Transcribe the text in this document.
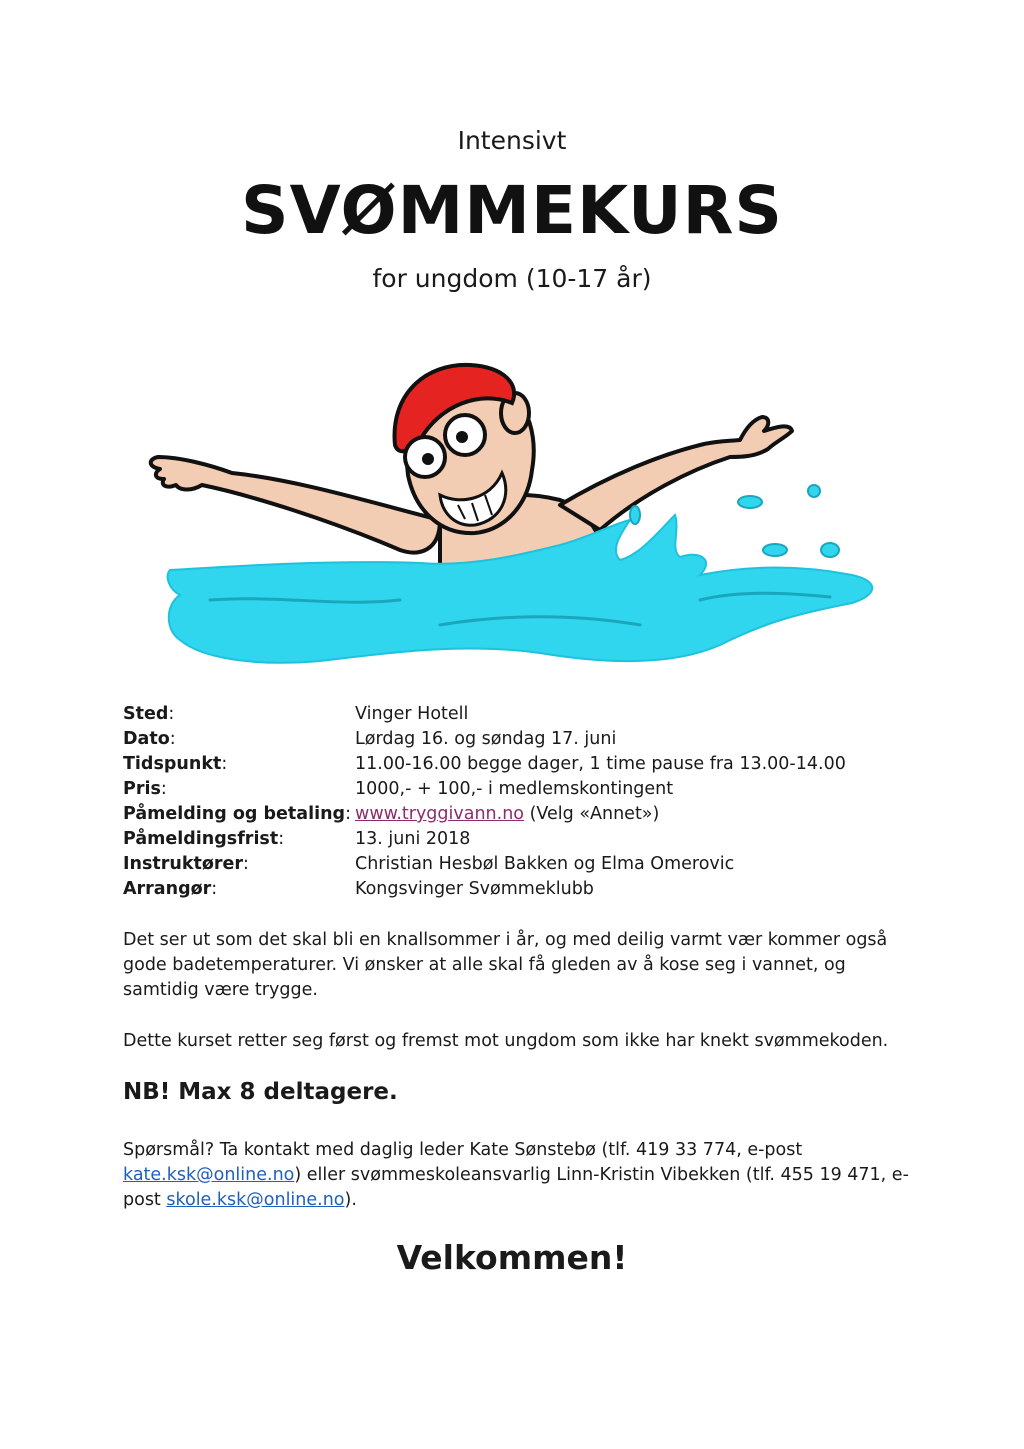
Intensivt
SVØMMEKURS
for ungdom (10-17 år)
Sted:	Vinger Hotell
Dato:	Lørdag 16. og søndag 17. juni
Tidspunkt:	11.00-16.00 begge dager, 1 time pause fra 13.00-14.00
Pris:	1000,- + 100,- i medlemskontingent
Påmelding og betaling: www.tryggivann.no (Velg «Annet»)
Påmeldingsfrist:	13. juni 2018
Instruktører:	Christian Hesbøl Bakken og Elma Omerovic
Arrangør:	Kongsvinger Svømmeklubb
Det ser ut som det skal bli en knallsommer i år, og med deilig varmt vær kommer også gode badetemperaturer. Vi ønsker at alle skal få gleden av å kose seg i vannet, og samtidig være trygge.
Dette kurset retter seg først og fremst mot ungdom som ikke har knekt svømmekoden.
NB! Max 8 deltagere.
Spørsmål? Ta kontakt med daglig leder Kate Sønstebø (tlf. 419 33 774, e-post kate.ksk@online.no) eller svømmeskoleansvarlig Linn-Kristin Vibekken (tlf. 455 19 471, e-post skole.ksk@online.no).
Velkommen!
